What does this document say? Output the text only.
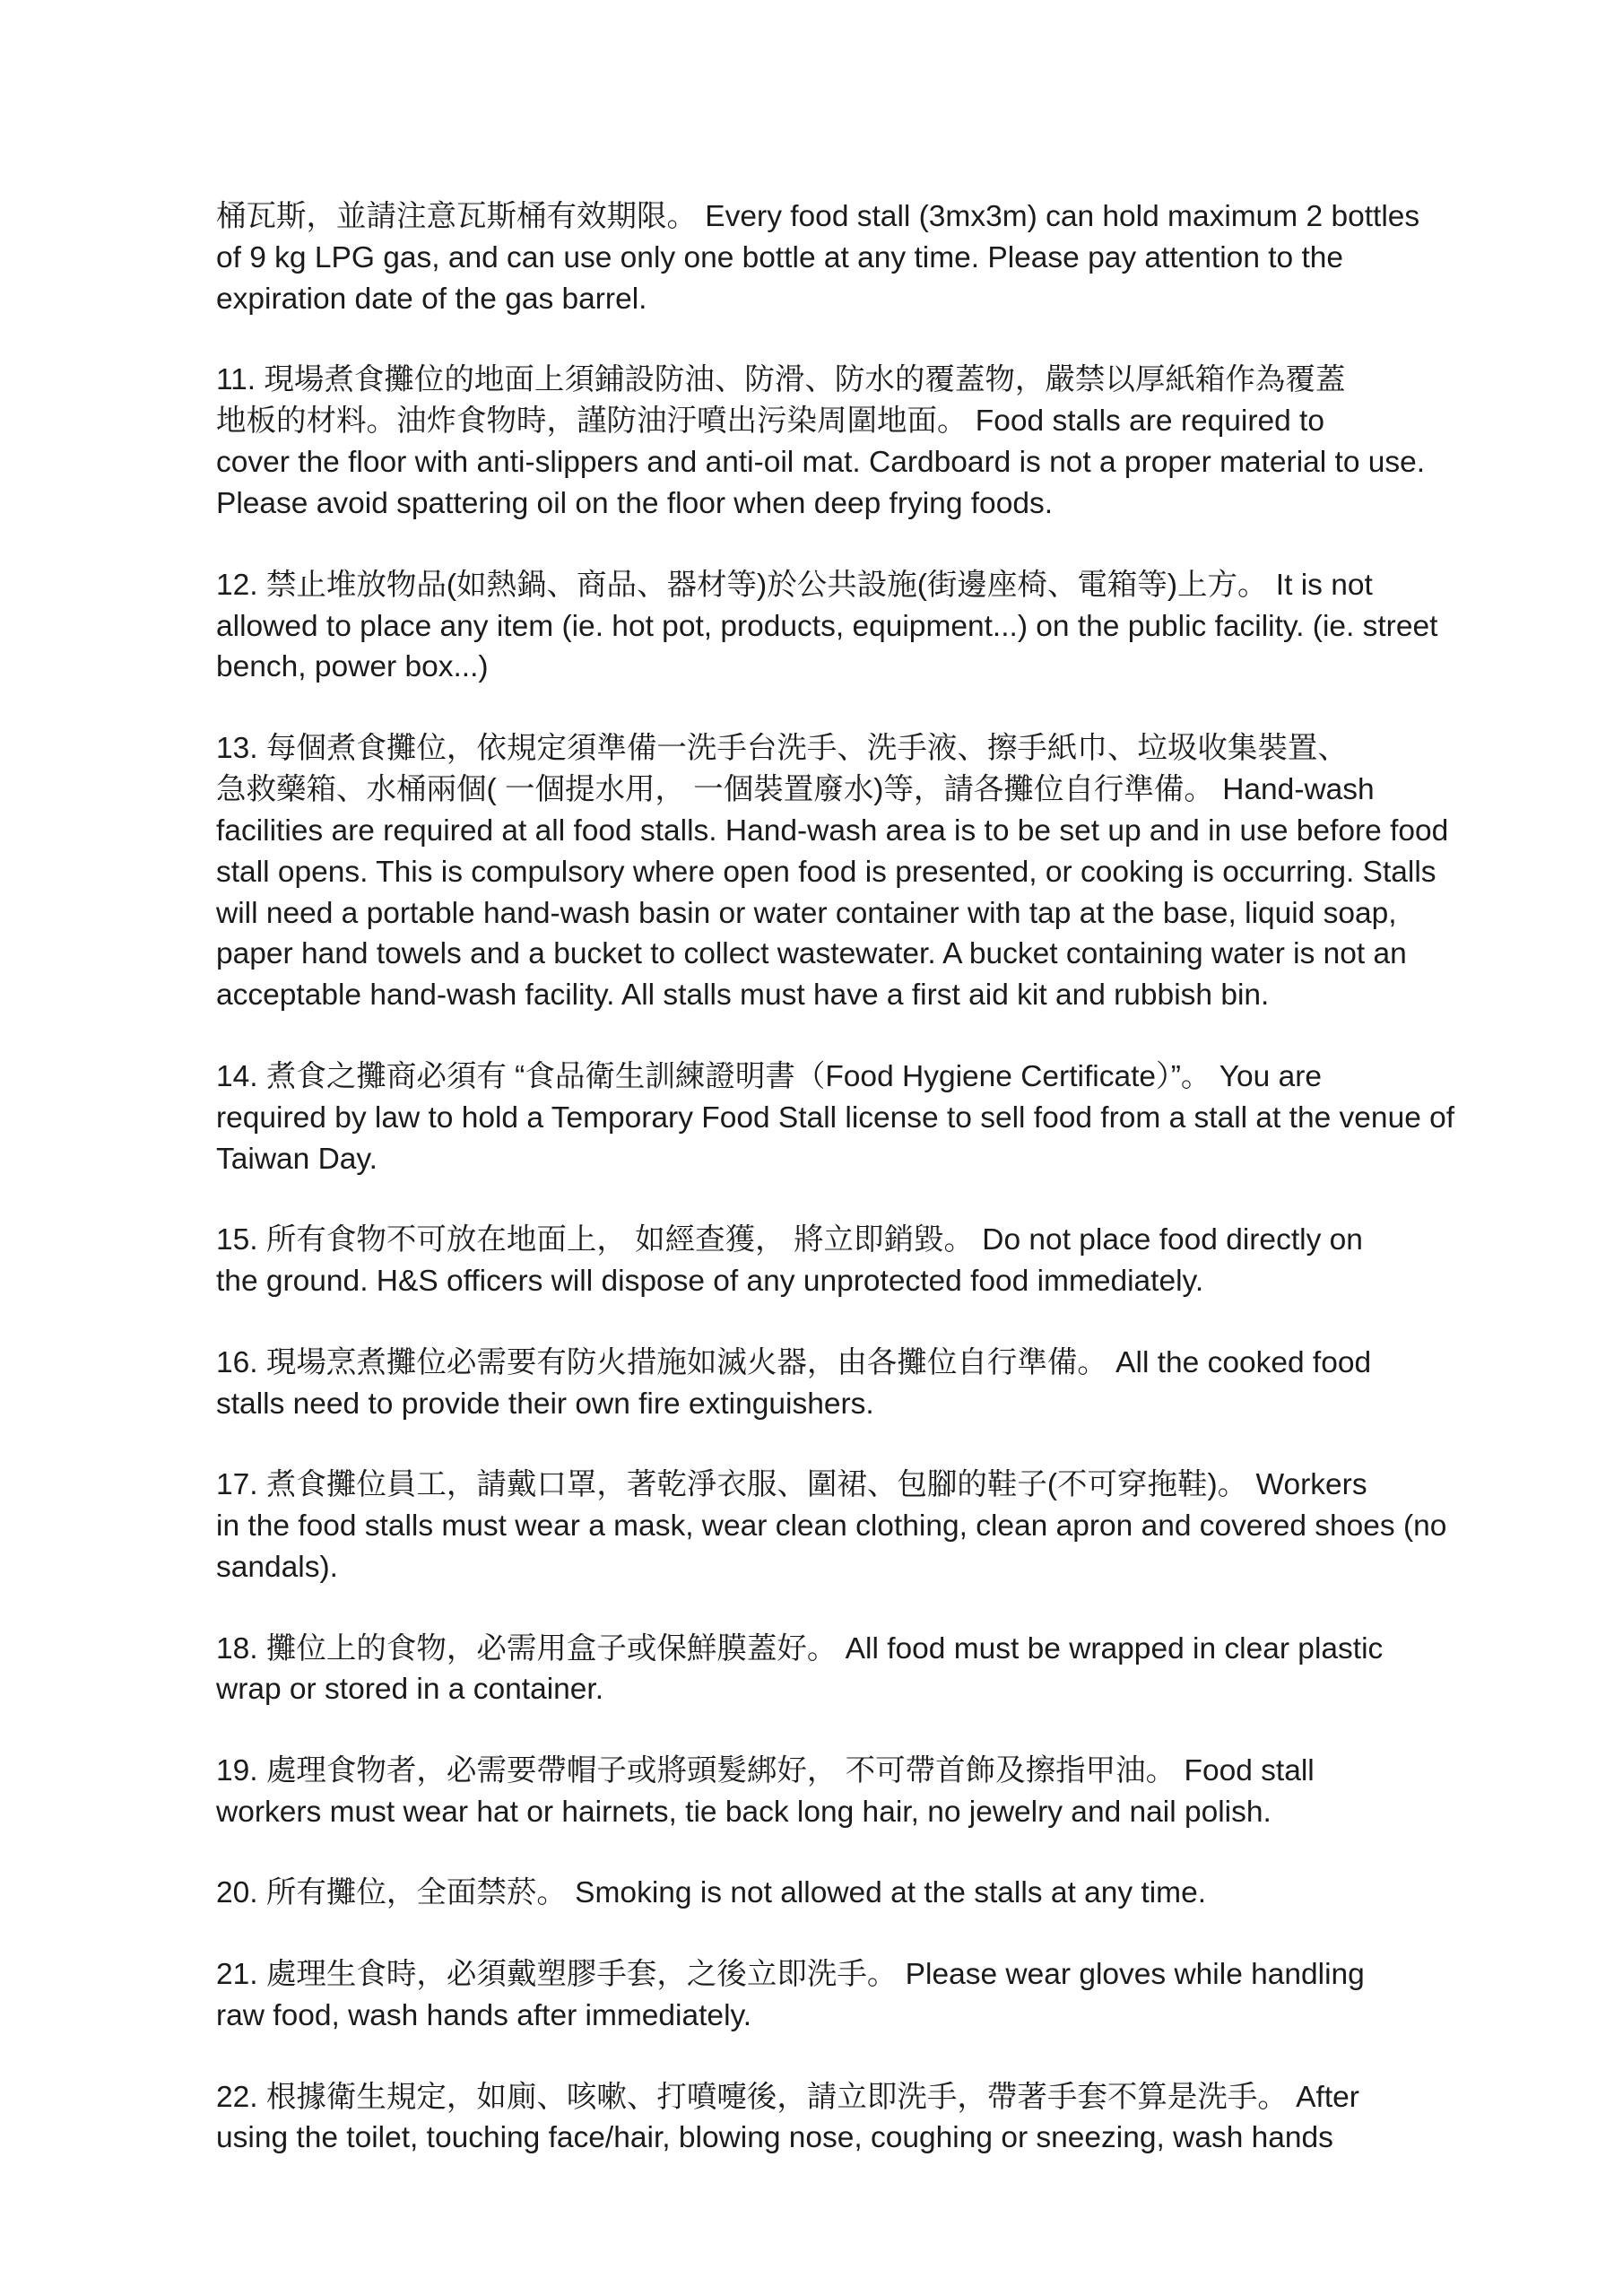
桶瓦斯，並請注意瓦斯桶有效期限。 Every food stall (3mx3m) can hold maximum 2 bottles
of 9 kg LPG gas, and can use only one bottle at any time. Please pay attention to the
expiration date of the gas barrel.
11. 現場煮食攤位的地面上須鋪設防油、防滑、防水的覆蓋物，嚴禁以厚紙箱作為覆蓋
地板的材料。油炸食物時，謹防油汙噴出污染周圍地面。 Food stalls are required to
cover the floor with anti-slippers and anti-oil mat. Cardboard is not a proper material to use.
Please avoid spattering oil on the floor when deep frying foods.
12. 禁止堆放物品(如熱鍋、商品、器材等)於公共設施(街邊座椅、電箱等)上方。 It is not
allowed to place any item (ie. hot pot, products, equipment...) on the public facility. (ie. street
bench, power box...)
13. 每個煮食攤位，依規定須準備一洗手台洗手、洗手液、擦手紙巾、垃圾收集裝置、
急救藥箱、水桶兩個( 一個提水用， 一個裝置廢水)等，請各攤位自行準備。 Hand-wash
facilities are required at all food stalls. Hand-wash area is to be set up and in use before food
stall opens. This is compulsory where open food is presented, or cooking is occurring. Stalls
will need a portable hand-wash basin or water container with tap at the base, liquid soap,
paper hand towels and a bucket to collect wastewater. A bucket containing water is not an
acceptable hand-wash facility. All stalls must have a first aid kit and rubbish bin.
14. 煮食之攤商必須有 “食品衛生訓練證明書（Food Hygiene Certificate）”。 You are
required by law to hold a Temporary Food Stall license to sell food from a stall at the venue of
Taiwan Day.
15. 所有食物不可放在地面上， 如經查獲， 將立即銷毀。 Do not place food directly on
the ground. H&S officers will dispose of any unprotected food immediately.
16. 現場烹煮攤位必需要有防火措施如滅火器，由各攤位自行準備。 All the cooked food
stalls need to provide their own fire extinguishers.
17. 煮食攤位員工，請戴口罩，著乾淨衣服、圍裙、包腳的鞋子(不可穿拖鞋)。 Workers
in the food stalls must wear a mask, wear clean clothing, clean apron and covered shoes (no
sandals).
18. 攤位上的食物，必需用盒子或保鮮膜蓋好。 All food must be wrapped in clear plastic
wrap or stored in a container.
19. 處理食物者，必需要帶帽子或將頭髮綁好， 不可帶首飾及擦指甲油。 Food stall
workers must wear hat or hairnets, tie back long hair, no jewelry and nail polish.
20. 所有攤位，全面禁菸。 Smoking is not allowed at the stalls at any time.
21. 處理生食時，必須戴塑膠手套，之後立即洗手。 Please wear gloves while handling
raw food, wash hands after immediately.
22. 根據衛生規定，如廁、咳嗽、打噴嚏後，請立即洗手，帶著手套不算是洗手。 After
using the toilet, touching face/hair, blowing nose, coughing or sneezing, wash hands
